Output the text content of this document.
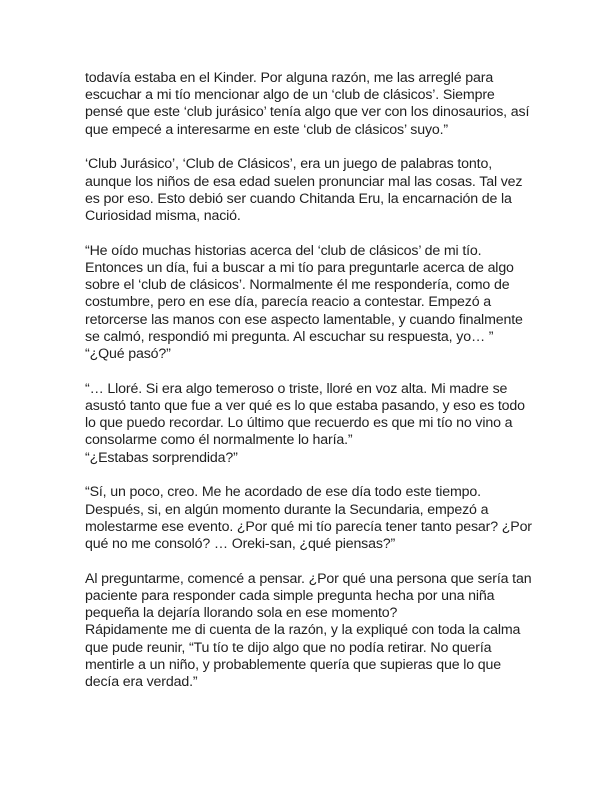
todavía estaba en el Kinder. Por alguna razón, me las arreglé para escuchar a mi tío mencionar algo de un ‘club de clásicos’. Siempre pensé que este ‘club jurásico’ tenía algo que ver con los dinosaurios, así que empecé a interesarme en este ‘club de clásicos’ suyo.”

‘Club Jurásico’, ‘Club de Clásicos’, era un juego de palabras tonto, aunque los niños de esa edad suelen pronunciar mal las cosas. Tal vez es por eso. Esto debió ser cuando Chitanda Eru, la encarnación de la Curiosidad misma, nació.

“He oído muchas historias acerca del ‘club de clásicos’ de mi tío. Entonces un día, fui a buscar a mi tío para preguntarle acerca de algo sobre el ‘club de clásicos’. Normalmente él me respondería, como de costumbre, pero en ese día, parecía reacio a contestar. Empezó a retorcerse las manos con ese aspecto lamentable, y cuando finalmente se calmó, respondió mi pregunta. Al escuchar su respuesta, yo… ”

“¿Qué pasó?”

“… Lloré. Si era algo temeroso o triste, lloré en voz alta. Mi madre se asustó tanto que fue a ver qué es lo que estaba pasando, y eso es todo lo que puedo recordar. Lo último que recuerdo es que mi tío no vino a consolarme como él normalmente lo haría.”

“¿Estabas sorprendida?”

“Sí, un poco, creo. Me he acordado de ese día todo este tiempo. Después, si, en algún momento durante la Secundaria, empezó a molestarme ese evento. ¿Por qué mi tío parecía tener tanto pesar? ¿Por qué no me consoló? … Oreki-san, ¿qué piensas?”

Al preguntarme, comencé a pensar. ¿Por qué una persona que sería tan paciente para responder cada simple pregunta hecha por una niña pequeña la dejaría llorando sola en ese momento?

Rápidamente me di cuenta de la razón, y la expliqué con toda la calma que pude reunir, “Tu tío te dijo algo que no podía retirar. No quería mentirle a un niño, y probablemente quería que supieras que lo que decía era verdad.”
